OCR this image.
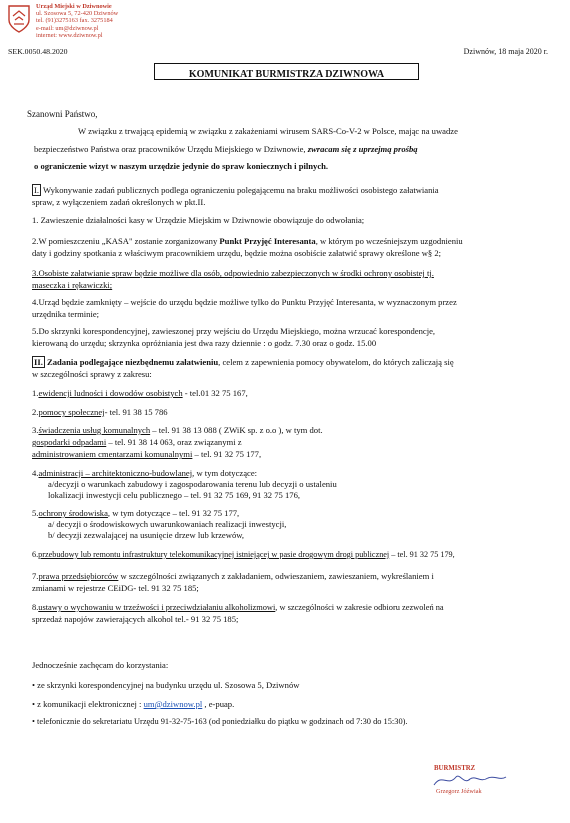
Urząd Miejski w Dziwnowie
ul. Szosowa 5, 72-420 Dziwnów
tel. (91)3275163 fax. 3275184
e-mail: um@dziwnow.pl
internet: www.dziwnow.pl
SEK.0050.48.2020	Dziwnów, 18 maja 2020 r.
KOMUNIKAT BURMISTRZA DZIWNOWA
Szanowni Państwo,
W związku z trwającą epidemią w związku z zakażeniami wirusem SARS-Co-V-2 w Polsce, mając na uwadze
bezpieczeństwo Państwa oraz pracowników Urzędu Miejskiego w Dziwnowie, zwracam się z uprzejmą prośbą
o ograniczenie wizyt w naszym urzędzie jedynie do spraw koniecznych i pilnych.
I. Wykonywanie zadań publicznych podlega ograniczeniu polegającemu na braku możliwości osobistego załatwiania
spraw, z wyłączeniem zadań określonych w pkt.II.
1. Zawieszenie działalności kasy w Urzędzie Miejskim w Dziwnowie obowiązuje do odwołania;
2.W pomieszczeniu „KASA" zostanie zorganizowany Punkt Przyjęć Interesanta, w którym po wcześniejszym uzgodnieniu
daty i godziny spotkania z właściwym pracownikiem urzędu, będzie można osobiście załatwić sprawy określone w§ 2;
3.Osobiste załatwianie spraw będzie możliwe dla osób, odpowiednio zabezpieczonych w środki ochrony osobistej tj.
maseczka i rękawiczki;
4.Urząd będzie zamknięty – wejście do urzędu będzie możliwe tylko do Punktu Przyjęć Interesanta, w wyznaczonym przez
urzędnika terminie;
5.Do skrzynki korespondencyjnej, zawieszonej przy wejściu do Urzędu Miejskiego, można wrzucać korespondencje,
kierowaną do urzędu; skrzynka opróżniania jest dwa razy dziennie : o godz. 7.30 oraz o godz. 15.00
II. Zadania podlegające niezbędnemu załatwieniu, celem z zapewnienia pomocy obywatelom, do których zaliczają się
w szczególności sprawy z zakresu:
1.ewidencji ludności i dowodów osobistych - tel.01 32 75 167,
2.pomocy społecznej- tel. 91 38 15 786
3.świadczenia usług komunalnych – tel. 91 38 13 088 ( ZWiK sp. z o.o ), w tym dot.
gospodarki odpadami – tel. 91 38 14 063, oraz związanymi z
administrowaniem cmentarzami komunalnymi – tel. 91 32 75 177,
4.administracji – architektoniczno-budowlanej, w tym dotyczące:
a/decyzji o warunkach zabudowy i zagospodarowania terenu lub decyzji o ustaleniu
lokalizacji inwestycji celu publicznego – tel. 91 32 75 169, 91 32 75 176,
5.ochrony środowiska, w tym dotyczące – tel. 91 32 75 177,
a/ decyzji o środowiskowych uwarunkowaniach realizacji inwestycji,
b/ decyzji zezwalającej na usunięcie drzew lub krzewów,
6.przebudowy lub remontu infrastruktury telekomunikacyjnej istniejącej w pasie drogowym drogi publicznej – tel. 91 32 75 179,
7.prawa przedsiębiorców w szczególności związanych z zakładaniem, odwieszaniem, zawieszaniem, wykreślaniem i
zmianami w rejestrze CEiDG- tel. 91 32 75 185;
8.ustawy o wychowaniu w trzeźwości i przeciwdziałaniu alkoholizmowi, w szczególności w zakresie odbioru zezwoleń na
sprzedaż napojów zawierających alkohol tel.- 91 32 75 185;
Jednocześnie zachęcam do korzystania:
• ze skrzynki korespondencyjnej na budynku urzędu ul. Szosowa 5, Dziwnów
• z komunikacji elektronicznej : um@dziwnow.pl , e-puap.
• telefonicznie do sekretariatu Urzędu 91-32-75-163 (od poniedziałku do piątku w godzinach od 7:30 do 15:30).
BURMISTRZ
Grzegorz Jóźwiak
